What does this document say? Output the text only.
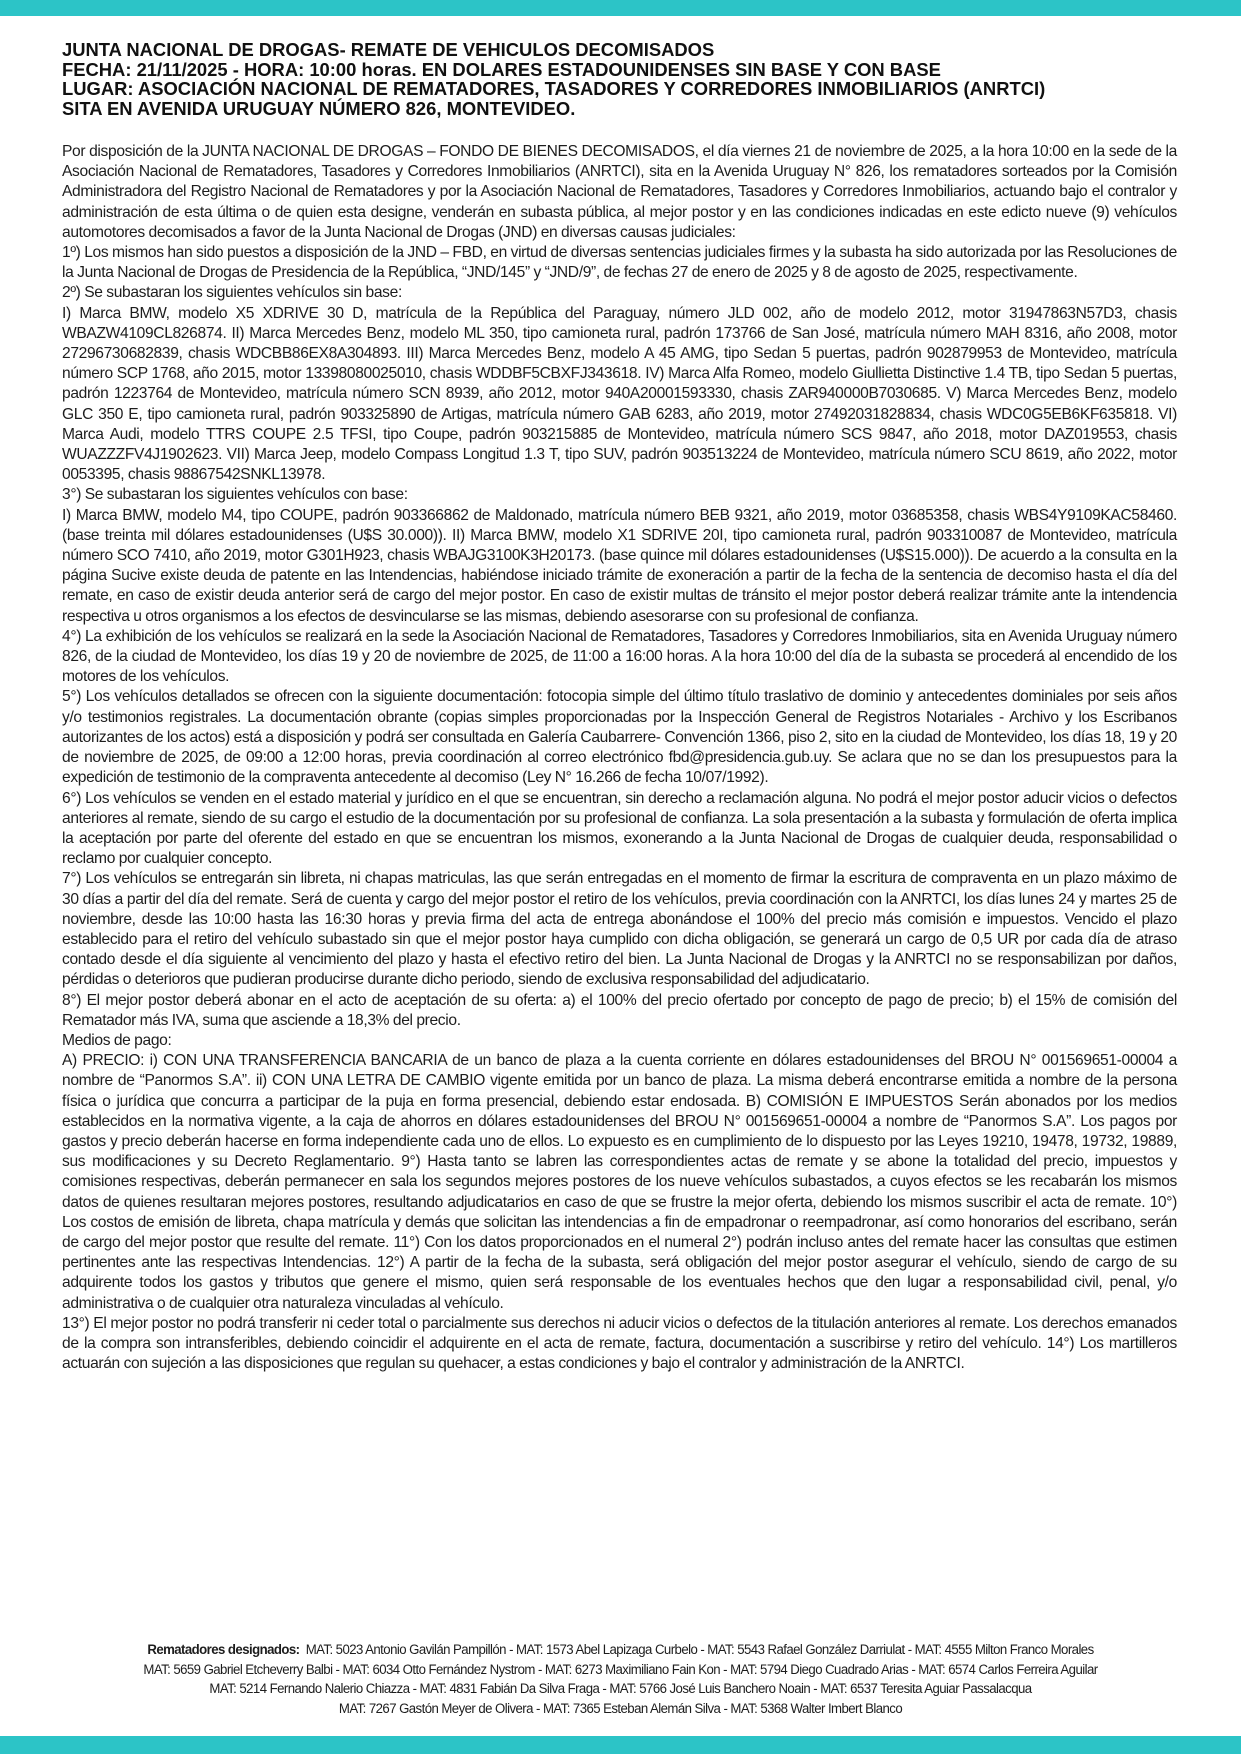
JUNTA NACIONAL DE DROGAS- REMATE DE VEHICULOS DECOMISADOS
FECHA: 21/11/2025 - HORA: 10:00 horas. EN DOLARES ESTADOUNIDENSES SIN BASE Y CON BASE
LUGAR: ASOCIACIÓN NACIONAL DE REMATADORES, TASADORES Y CORREDORES INMOBILIARIOS (ANRTCI)
SITA EN AVENIDA URUGUAY NÚMERO 826, MONTEVIDEO.

Por disposición de la JUNTA NACIONAL DE DROGAS – FONDO DE BIENES DECOMISADOS, el día viernes 21 de noviembre de 2025, a la hora 10:00 en la sede de la Asociación Nacional de Rematadores, Tasadores y Corredores Inmobiliarios (ANRTCI), sita en la Avenida Uruguay N° 826, los rematadores sorteados por la Comisión Administradora del Registro Nacional de Rematadores y por la Asociación Nacional de Rematadores, Tasadores y Corredores Inmobiliarios, actuando bajo el contralor y administración de esta última o de quien esta designe, venderán en subasta pública, al mejor postor y en las condiciones indicadas en este edicto nueve (9) vehículos automotores decomisados a favor de la Junta Nacional de Drogas (JND) en diversas causas judiciales:

1º) Los mismos han sido puestos a disposición de la JND – FBD, en virtud de diversas sentencias judiciales firmes y la subasta ha sido autorizada por las Resoluciones de la Junta Nacional de Drogas de Presidencia de la República, “JND/145” y “JND/9”, de fechas 27 de enero de 2025 y 8 de agosto de 2025, respectivamente.

2º) Se subastaran los siguientes vehículos sin base:

I) Marca BMW, modelo X5 XDRIVE 30 D, matrícula de la República del Paraguay, número JLD 002, año de modelo 2012, motor 31947863N57D3, chasis WBAZW4109CL826874. II) Marca Mercedes Benz, modelo ML 350, tipo camioneta rural, padrón 173766 de San José, matrícula número MAH 8316, año 2008, motor 27296730682839, chasis WDCBB86EX8A304893. III) Marca Mercedes Benz, modelo A 45 AMG, tipo Sedan 5 puertas, padrón 902879953 de Montevideo, matrícula número SCP 1768, año 2015, motor 13398080025010, chasis WDDBF5CBXFJ343618. IV) Marca Alfa Romeo, modelo Giullietta Distinctive 1.4 TB, tipo Sedan 5 puertas, padrón 1223764 de Montevideo, matrícula número SCN 8939, año 2012, motor 940A20001593330, chasis ZAR940000B7030685. V) Marca Mercedes Benz, modelo GLC 350 E, tipo camioneta rural, padrón 903325890 de Artigas, matrícula número GAB 6283, año 2019, motor 27492031828834, chasis WDC0G5EB6KF635818. VI) Marca Audi, modelo TTRS COUPE 2.5 TFSI, tipo Coupe, padrón 903215885 de Montevideo, matrícula número SCS 9847, año 2018, motor DAZ019553, chasis WUAZZZFV4J1902623. VII) Marca Jeep, modelo Compass Longitud 1.3 T, tipo SUV, padrón 903513224 de Montevideo, matrícula número SCU 8619, año 2022, motor 0053395, chasis 98867542SNKL13978.

3°) Se subastaran los siguientes vehículos con base:

I) Marca BMW, modelo M4, tipo COUPE, padrón 903366862 de Maldonado, matrícula número BEB 9321, año 2019, motor 03685358, chasis WBS4Y9109KAC58460. (base treinta mil dólares estadounidenses (U$S 30.000)). II) Marca BMW, modelo X1 SDRIVE 20I, tipo camioneta rural, padrón 903310087 de Montevideo, matrícula número SCO 7410, año 2019, motor G301H923, chasis WBAJG3100K3H20173. (base quince mil dólares estadounidenses (U$S15.000)). De acuerdo a la consulta en la página Sucive existe deuda de patente en las Intendencias, habiéndose iniciado trámite de exoneración a partir de la fecha de la sentencia de decomiso hasta el día del remate, en caso de existir deuda anterior será de cargo del mejor postor. En caso de existir multas de tránsito el mejor postor deberá realizar trámite ante la intendencia respectiva u otros organismos a los efectos de desvincularse se las mismas, debiendo asesorarse con su profesional de confianza.

4°) La exhibición de los vehículos se realizará en la sede la Asociación Nacional de Rematadores, Tasadores y Corredores Inmobiliarios, sita en Avenida Uruguay número 826, de la ciudad de Montevideo, los días 19 y 20 de noviembre de 2025, de 11:00 a 16:00 horas. A la hora 10:00 del día de la subasta se procederá al encendido de los motores de los vehículos.

5°) Los vehículos detallados se ofrecen con la siguiente documentación: fotocopia simple del último título traslativo de dominio y antecedentes dominiales por seis años y/o testimonios registrales. La documentación obrante (copias simples proporcionadas por la Inspección General de Registros Notariales - Archivo y los Escribanos autorizantes de los actos) está a disposición y podrá ser consultada en Galería Caubarrere- Convención 1366, piso 2, sito en la ciudad de Montevideo, los días 18, 19 y 20 de noviembre de 2025, de 09:00 a 12:00 horas, previa coordinación al correo electrónico fbd@presidencia.gub.uy. Se aclara que no se dan los presupuestos para la expedición de testimonio de la compraventa antecedente al decomiso (Ley N° 16.266 de fecha 10/07/1992).

6°) Los vehículos se venden en el estado material y jurídico en el que se encuentran, sin derecho a reclamación alguna. No podrá el mejor postor aducir vicios o defectos anteriores al remate, siendo de su cargo el estudio de la documentación por su profesional de confianza. La sola presentación a la subasta y formulación de oferta implica la aceptación por parte del oferente del estado en que se encuentran los mismos, exonerando a la Junta Nacional de Drogas de cualquier deuda, responsabilidad o reclamo por cualquier concepto.

7°) Los vehículos se entregarán sin libreta, ni chapas matriculas, las que serán entregadas en el momento de firmar la escritura de compraventa en un plazo máximo de 30 días a partir del día del remate. Será de cuenta y cargo del mejor postor el retiro de los vehículos, previa coordinación con la ANRTCI, los días lunes 24 y martes 25 de noviembre, desde las 10:00 hasta las 16:30 horas y previa firma del acta de entrega abonándose el 100% del precio más comisión e impuestos. Vencido el plazo establecido para el retiro del vehículo subastado sin que el mejor postor haya cumplido con dicha obligación, se generará un cargo de 0,5 UR por cada día de atraso contado desde el día siguiente al vencimiento del plazo y hasta el efectivo retiro del bien. La Junta Nacional de Drogas y la ANRTCI no se responsabilizan por daños, pérdidas o deterioros que pudieran producirse durante dicho periodo, siendo de exclusiva responsabilidad del adjudicatario.

8°) El mejor postor deberá abonar en el acto de aceptación de su oferta: a) el 100% del precio ofertado por concepto de pago de precio; b) el 15% de comisión del Rematador más IVA, suma que asciende a 18,3% del precio.

Medios de pago:

A) PRECIO: i) CON UNA TRANSFERENCIA BANCARIA de un banco de plaza a la cuenta corriente en dólares estadounidenses del BROU N° 001569651-00004 a nombre de “Panormos S.A”. ii) CON UNA LETRA DE CAMBIO vigente emitida por un banco de plaza. La misma deberá encontrarse emitida a nombre de la persona física o jurídica que concurra a participar de la puja en forma presencial, debiendo estar endosada. B) COMISIÓN E IMPUESTOS Serán abonados por los medios establecidos en la normativa vigente, a la caja de ahorros en dólares estadounidenses del BROU N° 001569651-00004 a nombre de “Panormos S.A”. Los pagos por gastos y precio deberán hacerse en forma independiente cada uno de ellos. Lo expuesto es en cumplimiento de lo dispuesto por las Leyes 19210, 19478, 19732, 19889, sus modificaciones y su Decreto Reglamentario. 9°) Hasta tanto se labren las correspondientes actas de remate y se abone la totalidad del precio, impuestos y comisiones respectivas, deberán permanecer en sala los segundos mejores postores de los nueve vehículos subastados, a cuyos efectos se les recabarán los mismos datos de quienes resultaran mejores postores, resultando adjudicatarios en caso de que se frustre la mejor oferta, debiendo los mismos suscribir el acta de remate. 10°) Los costos de emisión de libreta, chapa matrícula y demás que solicitan las intendencias a fin de empadronar o reempadronar, así como honorarios del escribano, serán de cargo del mejor postor que resulte del remate. 11°) Con los datos proporcionados en el numeral 2°) podrán incluso antes del remate hacer las consultas que estimen pertinentes ante las respectivas Intendencias. 12°) A partir de la fecha de la subasta, será obligación del mejor postor asegurar el vehículo, siendo de cargo de su adquirente todos los gastos y tributos que genere el mismo, quien será responsable de los eventuales hechos que den lugar a responsabilidad civil, penal, y/o administrativa o de cualquier otra naturaleza vinculadas al vehículo.

13°) El mejor postor no podrá transferir ni ceder total o parcialmente sus derechos ni aducir vicios o defectos de la titulación anteriores al remate. Los derechos emanados de la compra son intransferibles, debiendo coincidir el adquirente en el acta de remate, factura, documentación a suscribirse y retiro del vehículo. 14°) Los martilleros actuarán con sujeción a las disposiciones que regulan su quehacer, a estas condiciones y bajo el contralor y administración de la ANRTCI.

Rematadores designados: MAT: 5023 Antonio Gavilán Pampillón - MAT: 1573 Abel Lapizaga Curbelo - MAT: 5543 Rafael González Darriulat - MAT: 4555 Milton Franco Morales
MAT: 5659 Gabriel Etcheverry Balbi - MAT: 6034 Otto Fernández Nystrom - MAT: 6273 Maximiliano Fain Kon - MAT: 5794 Diego Cuadrado Arias - MAT: 6574 Carlos Ferreira Aguilar
MAT: 5214 Fernando Nalerio Chiazza - MAT: 4831 Fabián Da Silva Fraga - MAT: 5766 José Luis Banchero Noain - MAT: 6537 Teresita Aguiar Passalacqua
MAT: 7267 Gastón Meyer de Olivera - MAT: 7365 Esteban Alemán Silva - MAT: 5368 Walter Imbert Blanco
